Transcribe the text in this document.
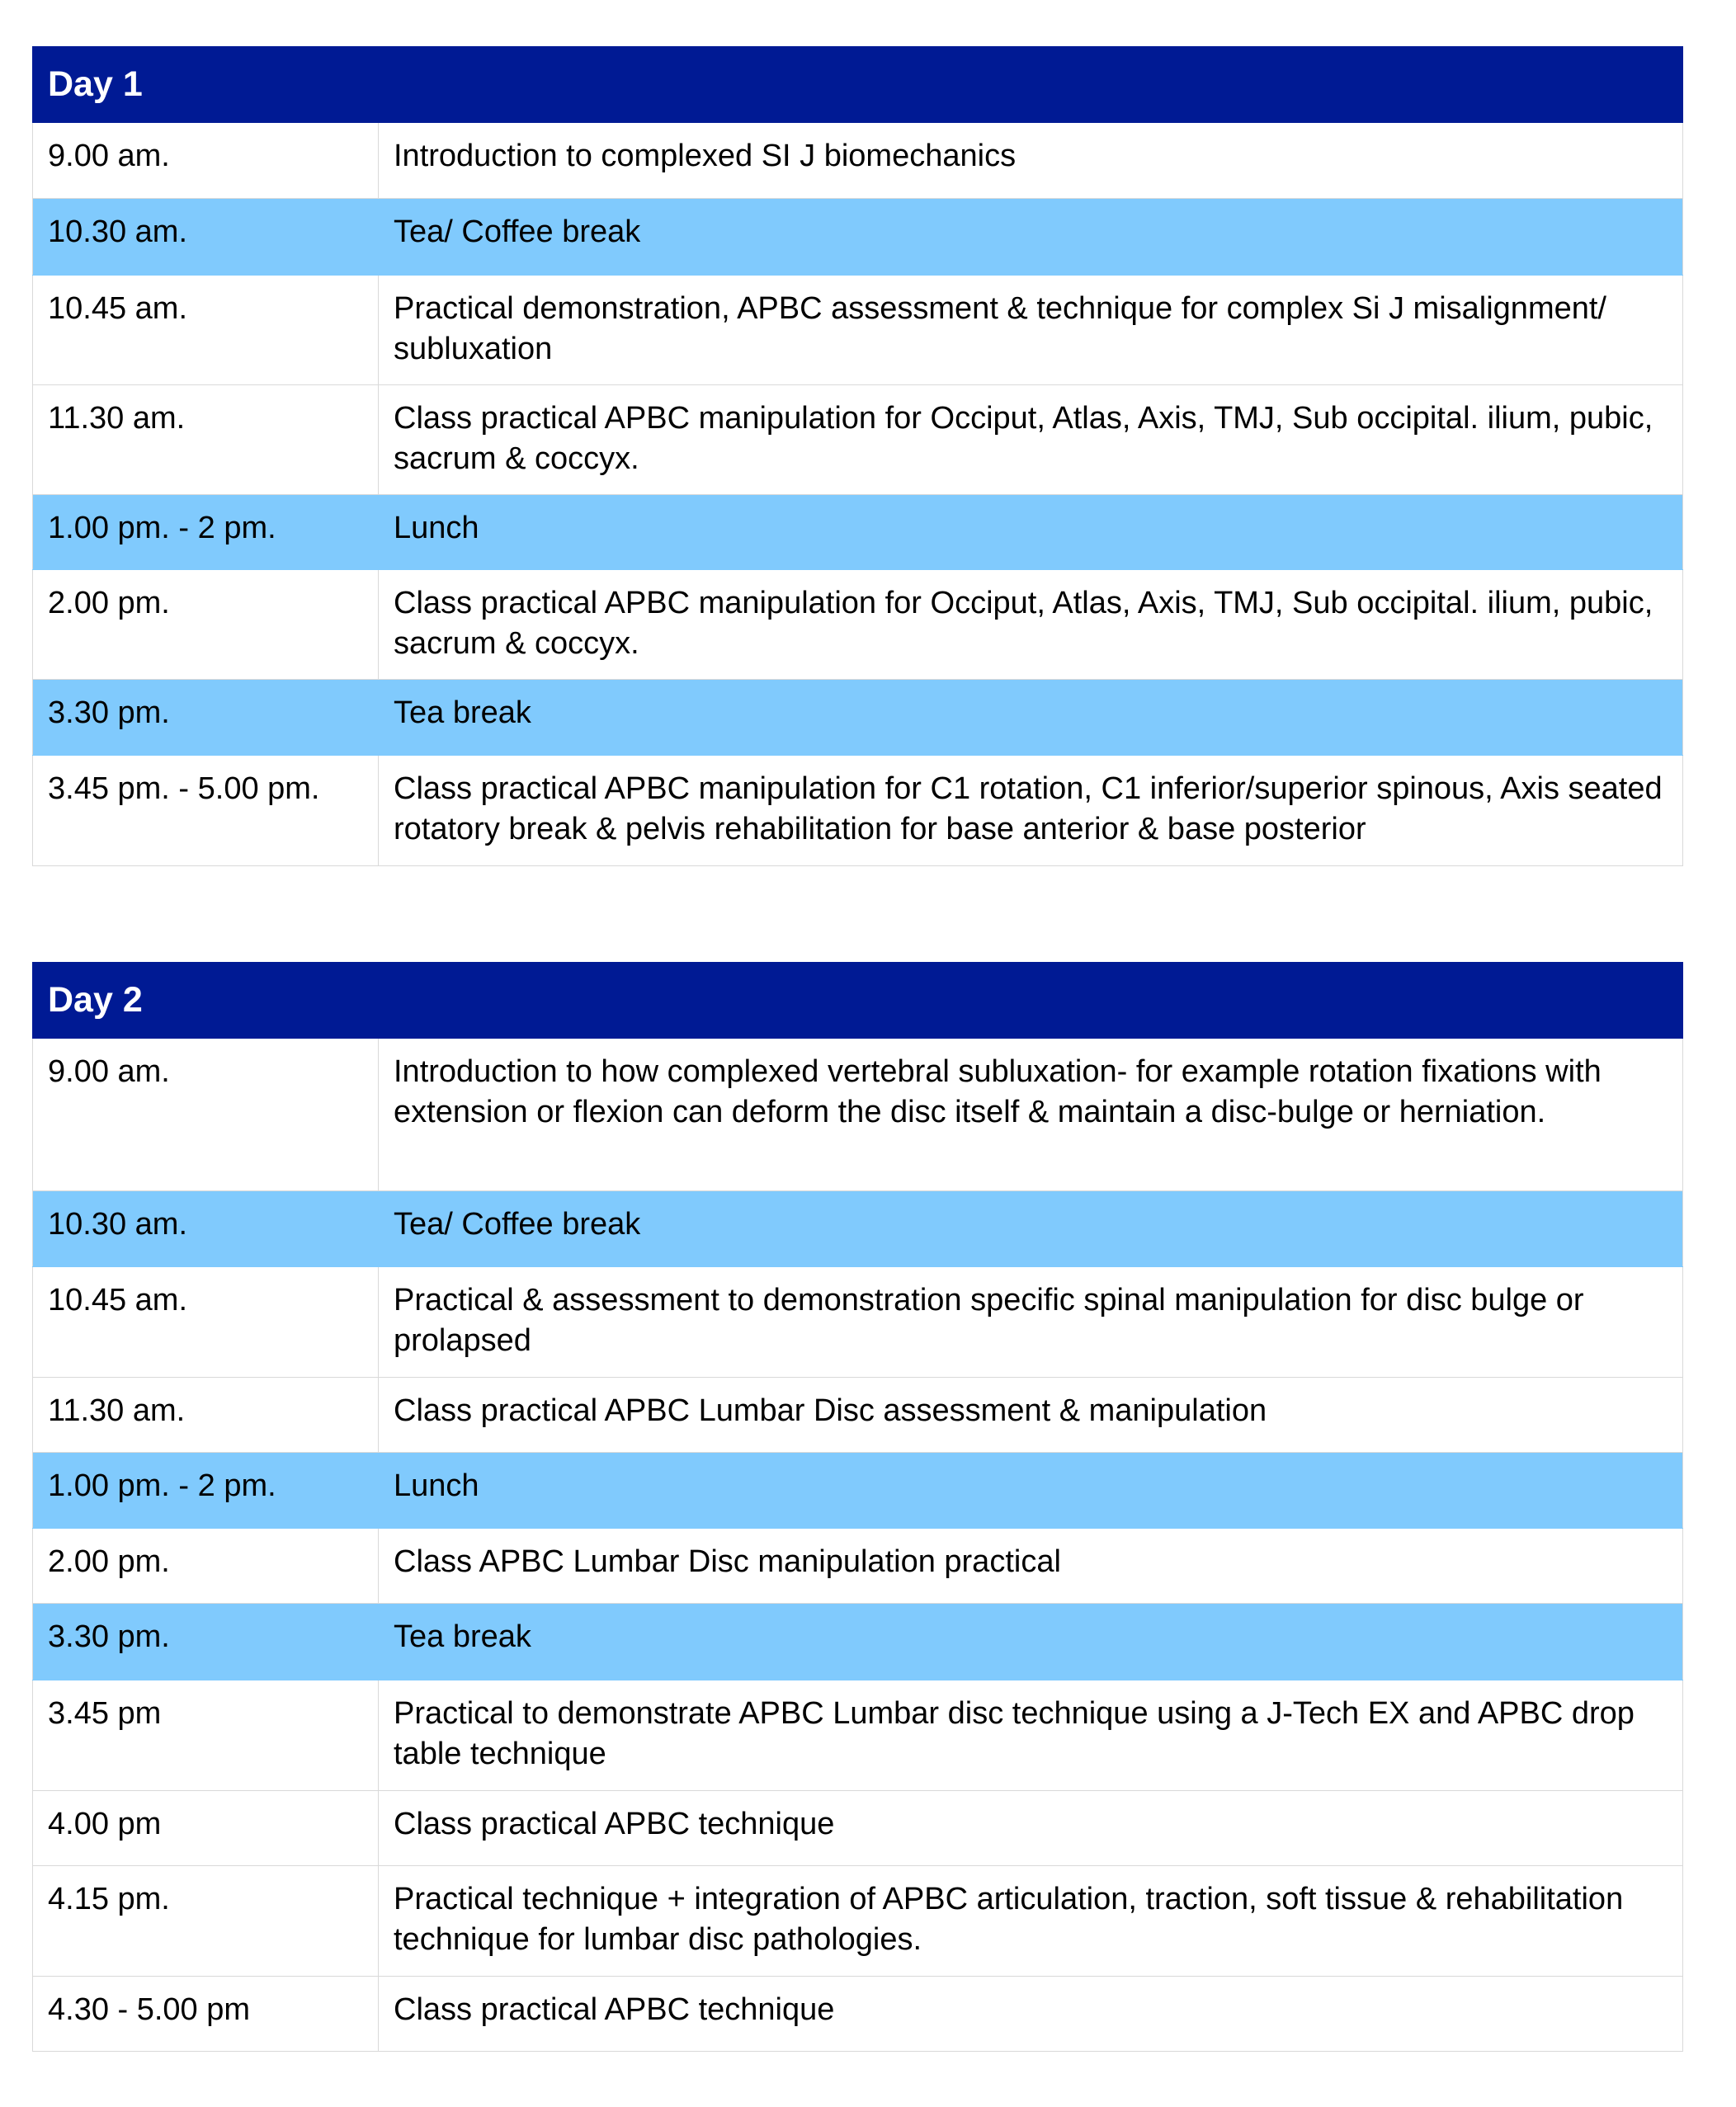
Day 1	
9.00 am.	Introduction to complexed SI J biomechanics
10.30 am.	Tea/ Coffee break
10.45 am.	Practical demonstration, APBC assessment & technique for complex Si J misalignment/ subluxation
11.30 am.	Class practical APBC manipulation for Occiput, Atlas, Axis, TMJ, Sub occipital. ilium, pubic, sacrum & coccyx.
1.00 pm. - 2 pm.	Lunch
2.00 pm.	Class practical APBC manipulation for Occiput, Atlas, Axis, TMJ, Sub occipital. ilium, pubic, sacrum & coccyx.
3.30 pm.	Tea break
3.45 pm. - 5.00 pm.	Class practical APBC manipulation for C1 rotation, C1 inferior/superior spinous, Axis seated rotatory break & pelvis rehabilitation for base anterior & base posterior
Day 2	
9.00 am.	Introduction to how complexed vertebral subluxation- for example rotation fixations with extension or flexion can deform the disc itself & maintain a disc-bulge or herniation.
10.30 am.	Tea/ Coffee break
10.45 am.	Practical & assessment to demonstration specific spinal manipulation for disc bulge or prolapsed
11.30 am.	Class practical APBC Lumbar Disc assessment & manipulation
1.00 pm. - 2 pm.	Lunch
2.00 pm.	Class APBC Lumbar Disc manipulation practical
3.30 pm.	Tea break
3.45 pm	Practical to demonstrate APBC Lumbar disc technique using a J-Tech EX and APBC drop table technique
4.00 pm	Class practical APBC technique
4.15 pm.	Practical technique + integration of APBC articulation, traction, soft tissue & rehabilitation technique for lumbar disc pathologies.
4.30 - 5.00 pm	Class practical APBC technique
